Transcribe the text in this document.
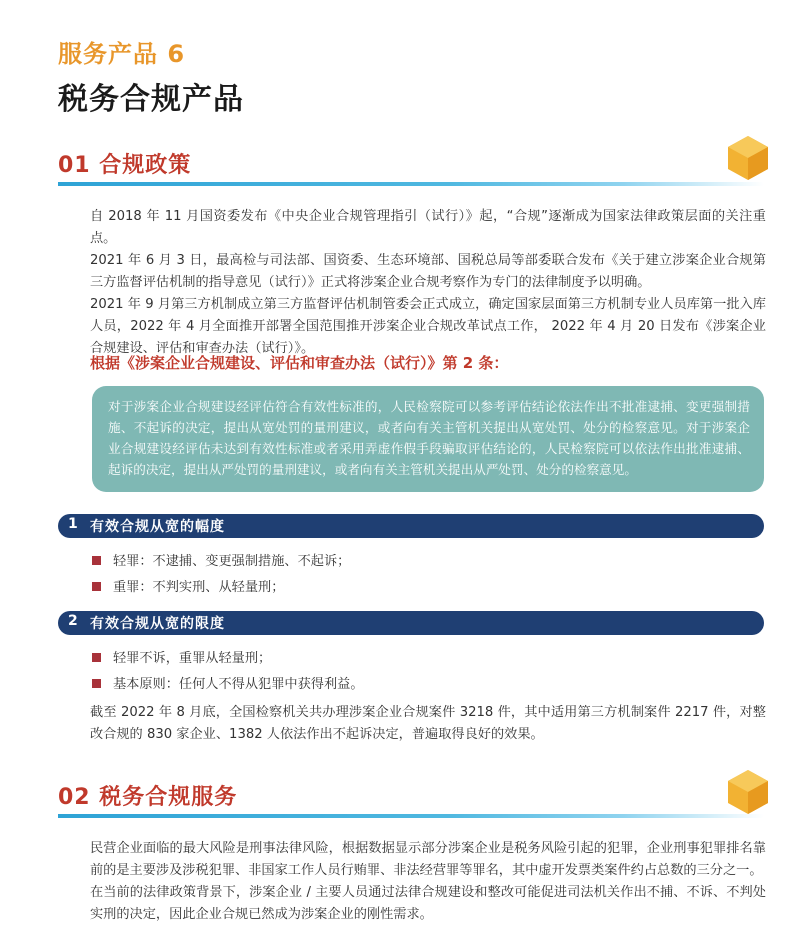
服务产品 6
税务合规产品
01 合规政策

自 2018 年 11 月国资委发布《中央企业合规管理指引（试行）》起，“合规”逐渐成为国家法律政策层面的关注重点。

2021 年 6 月 3 日，最高检与司法部、国资委、生态环境部、国税总局等部委联合发布《关于建立涉案企业合规第三方监督评估机制的指导意见（试行）》正式将涉案企业合规考察作为专门的法律制度予以明确。

2021 年 9 月第三方机制成立第三方监督评估机制管委会正式成立，确定国家层面第三方机制专业人员库第一批入库人员，2022 年 4 月全面推开部署全国范围推开涉案企业合规改革试点工作， 2022 年 4 月 20 日发布《涉案企业合规建设、评估和审查办法（试行）》。

根据《涉案企业合规建设、评估和审查办法（试行）》第 2 条：
对于涉案企业合规建设经评估符合有效性标准的，人民检察院可以参考评估结论依法作出不批准逮捕、变更强制措施、不起诉的决定，提出从宽处罚的量刑建议，或者向有关主管机关提出从宽处罚、处分的检察意见。对于涉案企业合规建设经评估未达到有效性标准或者采用弄虚作假手段骗取评估结论的，人民检察院可以依法作出批准逮捕、起诉的决定，提出从严处罚的量刑建议，或者向有关主管机关提出从严处罚、处分的检察意见。
1 有效合规从宽的幅度
轻罪：不逮捕、变更强制措施、不起诉；
重罪：不判实刑、从轻量刑；
2 有效合规从宽的限度
轻罪不诉，重罪从轻量刑；
基本原则：任何人不得从犯罪中获得利益。

截至 2022 年 8 月底，全国检察机关共办理涉案企业合规案件 3218 件，其中适用第三方机制案件 2217 件，对整改合规的 830 家企业、1382 人依法作出不起诉决定，普遍取得良好的效果。

02 税务合规服务

民营企业面临的最大风险是刑事法律风险，根据数据显示部分涉案企业是税务风险引起的犯罪，企业刑事犯罪排名靠前的是主要涉及涉税犯罪、非国家工作人员行贿罪、非法经营罪等罪名，其中虚开发票类案件约占总数的三分之一。

在当前的法律政策背景下，涉案企业 / 主要人员通过法律合规建设和整改可能促进司法机关作出不捕、不诉、不判处实刑的决定，因此企业合规已然成为涉案企业的刚性需求。
